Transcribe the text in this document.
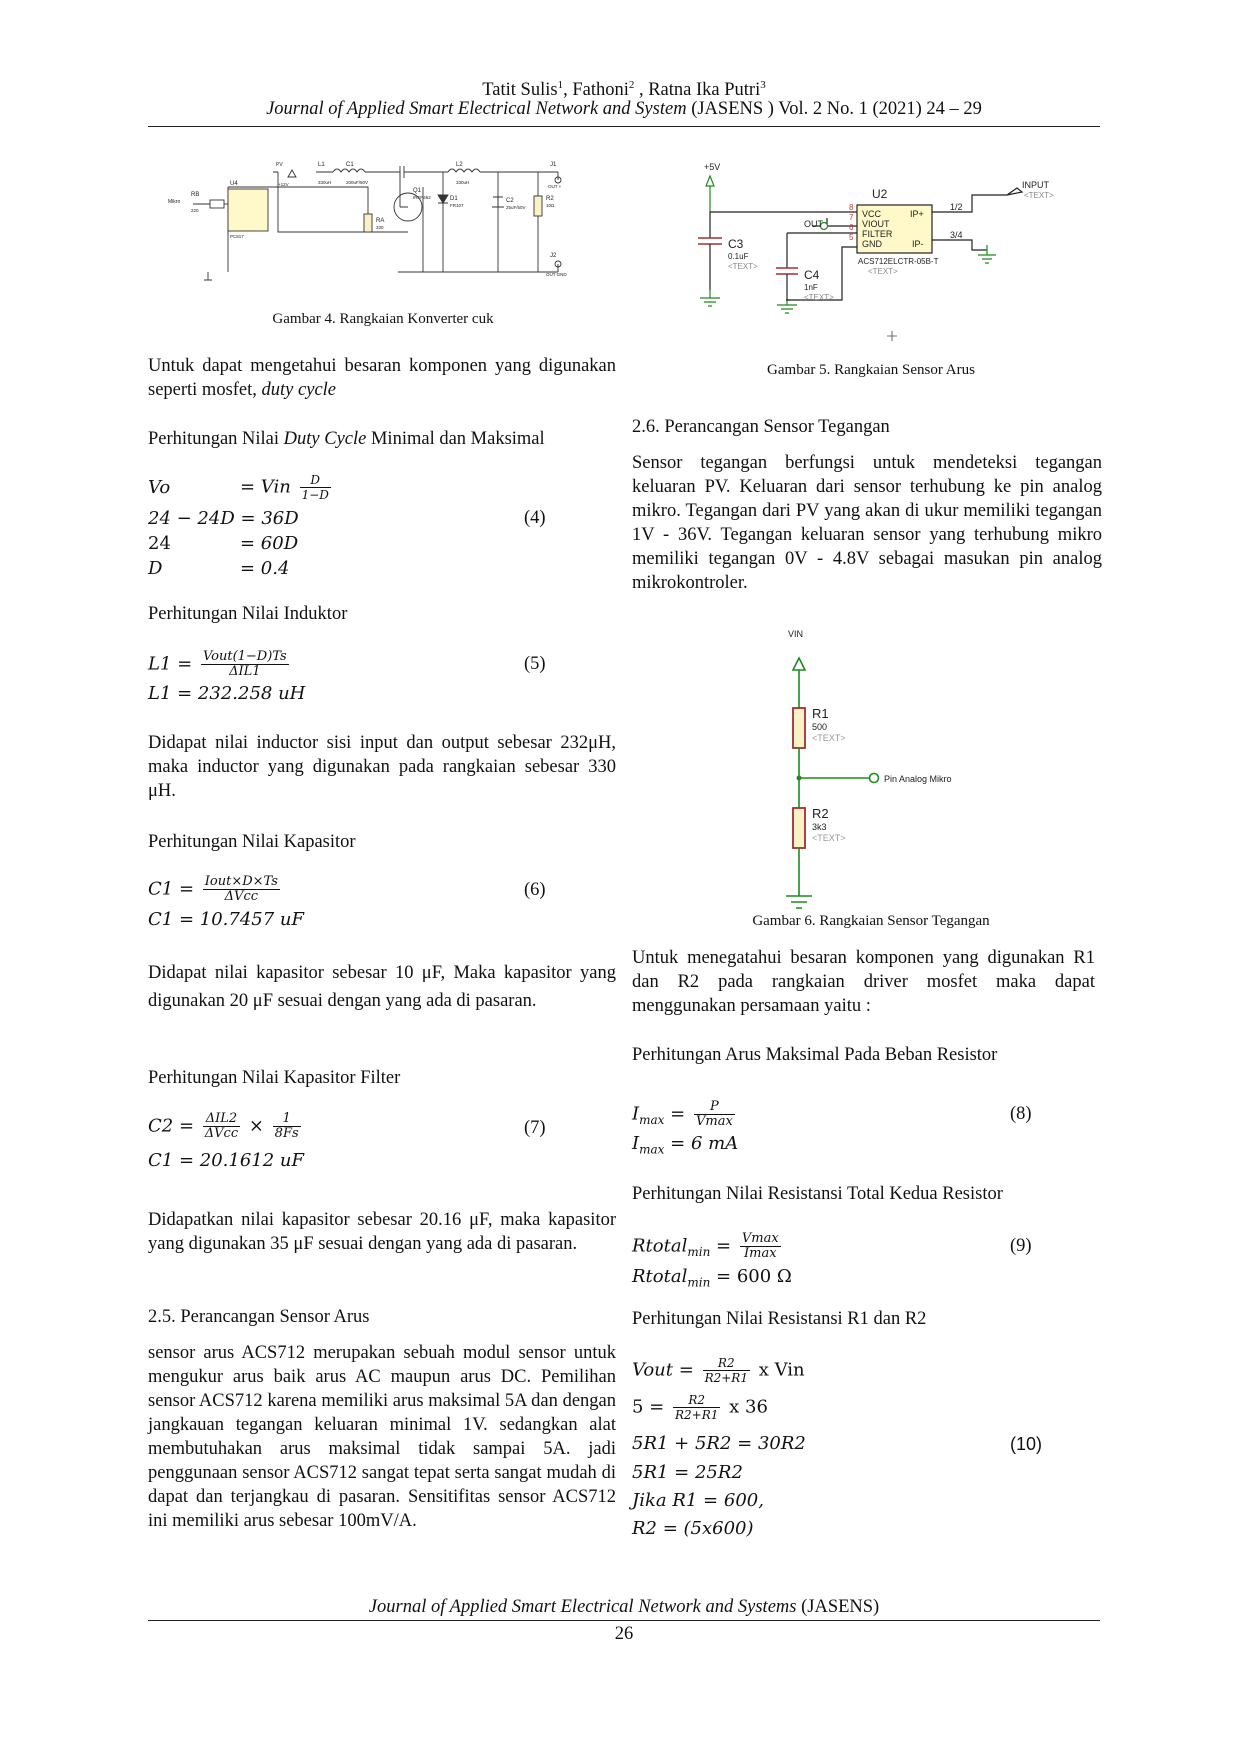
Tatit Sulis$^1$, Fathoni$^2$ , Ratna Ika Putri$^3$
Journal of Applied Smart Electrical Network and System (JASENS ) Vol. 2 No. 1 (2021) 24 – 29
L1	C1	L2	J1
330uH	200uF/50V	330uH
OUT +
PV
+12V
Q1
IRFP462	D1
FR107
C2
25uF/50V
R2
10Ω
RA
330
RB
220
U4
PC817
Mikro
J2
OUT GND
Gambar 4. Rangkaian Konverter cuk
+5V
U2
INPUT
<TEXT>
OUT
C3
0.1uF
<TEXT>
C4
1nF
<TEXT>
VCC
VIOUT
FILTER
GND
IP+
IP-
1/2
3/4
8
7
6
5
ACS712ELCTR-05B-T
<TEXT>
Gambar 5. Rangkaian Sensor Arus
Untuk dapat mengetahui besaran komponen yang digunakan seperti mosfet, duty cycle
Perhitungan Nilai Duty Cycle Minimal dan Maksimal
Vo	= Vin $\frac{D}{1-D}$
24 − 24D = 36D
24	= 60D
D	= 0.4
(4)
Perhitungan Nilai Induktor
$L1 = \frac{\text{Vout(1−D)Ts}}{\text{ΔIL1}}$
L1 = 232.258 uH
(5)
Didapat nilai inductor sisi input dan output sebesar 232μH, maka inductor yang digunakan pada rangkaian sebesar 330 μH.
Perhitungan Nilai Kapasitor
$C1 = \frac{\text{Iout×D×Ts}}{\text{ΔVcc}}$
C1 = 10.7457 uF
(6)
Didapat nilai kapasitor sebesar 10 μF, Maka kapasitor yang digunakan 20 μF sesuai dengan yang ada di pasaran.
Perhitungan Nilai Kapasitor Filter
$C2 = \frac{\text{ΔIL2}}{\text{ΔVcc}} \times \frac{1}{8Fs}$
C1 = 20.1612 uF
(7)
Didapatkan nilai kapasitor sebesar 20.16 μF, maka kapasitor yang digunakan 35 μF sesuai dengan yang ada di pasaran.
2.5. Perancangan Sensor Arus
sensor arus ACS712 merupakan sebuah modul sensor untuk mengukur arus baik arus AC maupun arus DC. Pemilihan sensor ACS712 karena memiliki arus maksimal 5A dan dengan jangkauan tegangan keluaran minimal 1V. sedangkan alat membutuhakan arus maksimal tidak sampai 5A. jadi penggunaan sensor ACS712 sangat tepat serta sangat mudah di dapat dan terjangkau di pasaran. Sensitifitas sensor ACS712 ini memiliki arus sebesar 100mV/A.
2.6. Perancangan Sensor Tegangan
Sensor tegangan berfungsi untuk mendeteksi tegangan keluaran PV. Keluaran dari sensor terhubung ke pin analog mikro. Tegangan dari PV yang akan di ukur memiliki tegangan 1V - 36V. Tegangan keluaran sensor yang terhubung mikro memiliki tegangan 0V - 4.8V sebagai masukan pin analog mikrokontroler.
VIN
R1
500
<TEXT>
R2
3k3
<TEXT>
Pin Analog Mikro
Gambar 6. Rangkaian Sensor Tegangan
Untuk menegatahui besaran komponen yang digunakan R1 dan R2 pada rangkaian driver mosfet maka dapat menggunakan persamaan yaitu :
Perhitungan Arus Maksimal Pada Beban Resistor
$I_{max} = \frac{P}{Vmax}$
$I_{max} = 6$ mA
(8)
Perhitungan Nilai Resistansi Total Kedua Resistor
Rtotal$_{min}$ = $\frac{Vmax}{Imax}$
Rtotal$_{min}$ = 600 Ω
(9)
Perhitungan Nilai Resistansi R1 dan R2
Vout = $\frac{R2}{R2+R1}$ x Vin
$5 = \frac{R2}{R2+R1}$ x 36
5R1 + 5R2 = 30R2
5R1 = 25R2
Jika R1 = 600,
R2 = (5x600)
(10)
Journal of Applied Smart Electrical Network and Systems (JASENS)
26
